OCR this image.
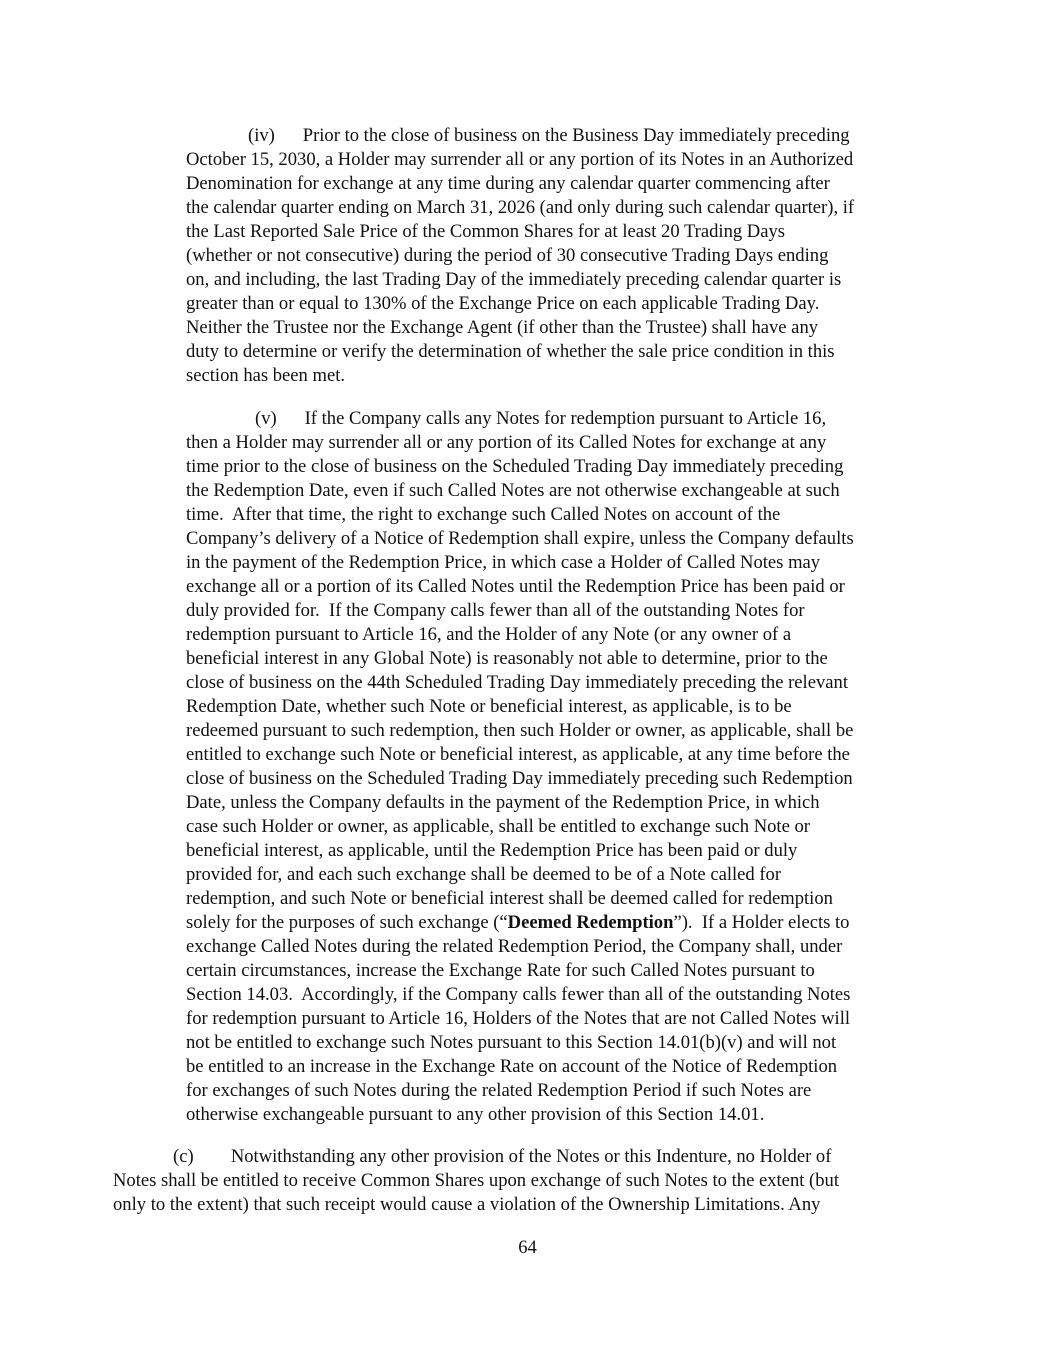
(iv)      Prior to the close of business on the Business Day immediately preceding
October 15, 2030, a Holder may surrender all or any portion of its Notes in an Authorized
Denomination for exchange at any time during any calendar quarter commencing after
the calendar quarter ending on March 31, 2026 (and only during such calendar quarter), if
the Last Reported Sale Price of the Common Shares for at least 20 Trading Days
(whether or not consecutive) during the period of 30 consecutive Trading Days ending
on, and including, the last Trading Day of the immediately preceding calendar quarter is
greater than or equal to 130% of the Exchange Price on each applicable Trading Day.
Neither the Trustee nor the Exchange Agent (if other than the Trustee) shall have any
duty to determine or verify the determination of whether the sale price condition in this
section has been met.
(v)      If the Company calls any Notes for redemption pursuant to Article 16,
then a Holder may surrender all or any portion of its Called Notes for exchange at any
time prior to the close of business on the Scheduled Trading Day immediately preceding
the Redemption Date, even if such Called Notes are not otherwise exchangeable at such
time.  After that time, the right to exchange such Called Notes on account of the
Company’s delivery of a Notice of Redemption shall expire, unless the Company defaults
in the payment of the Redemption Price, in which case a Holder of Called Notes may
exchange all or a portion of its Called Notes until the Redemption Price has been paid or
duly provided for.  If the Company calls fewer than all of the outstanding Notes for
redemption pursuant to Article 16, and the Holder of any Note (or any owner of a
beneficial interest in any Global Note) is reasonably not able to determine, prior to the
close of business on the 44th Scheduled Trading Day immediately preceding the relevant
Redemption Date, whether such Note or beneficial interest, as applicable, is to be
redeemed pursuant to such redemption, then such Holder or owner, as applicable, shall be
entitled to exchange such Note or beneficial interest, as applicable, at any time before the
close of business on the Scheduled Trading Day immediately preceding such Redemption
Date, unless the Company defaults in the payment of the Redemption Price, in which
case such Holder or owner, as applicable, shall be entitled to exchange such Note or
beneficial interest, as applicable, until the Redemption Price has been paid or duly
provided for, and each such exchange shall be deemed to be of a Note called for
redemption, and such Note or beneficial interest shall be deemed called for redemption
solely for the purposes of such exchange (“Deemed Redemption”).  If a Holder elects to
exchange Called Notes during the related Redemption Period, the Company shall, under
certain circumstances, increase the Exchange Rate for such Called Notes pursuant to
Section 14.03.  Accordingly, if the Company calls fewer than all of the outstanding Notes
for redemption pursuant to Article 16, Holders of the Notes that are not Called Notes will
not be entitled to exchange such Notes pursuant to this Section 14.01(b)(v) and will not
be entitled to an increase in the Exchange Rate on account of the Notice of Redemption
for exchanges of such Notes during the related Redemption Period if such Notes are
otherwise exchangeable pursuant to any other provision of this Section 14.01.
(c)        Notwithstanding any other provision of the Notes or this Indenture, no Holder of
Notes shall be entitled to receive Common Shares upon exchange of such Notes to the extent (but
only to the extent) that such receipt would cause a violation of the Ownership Limitations. Any
64
